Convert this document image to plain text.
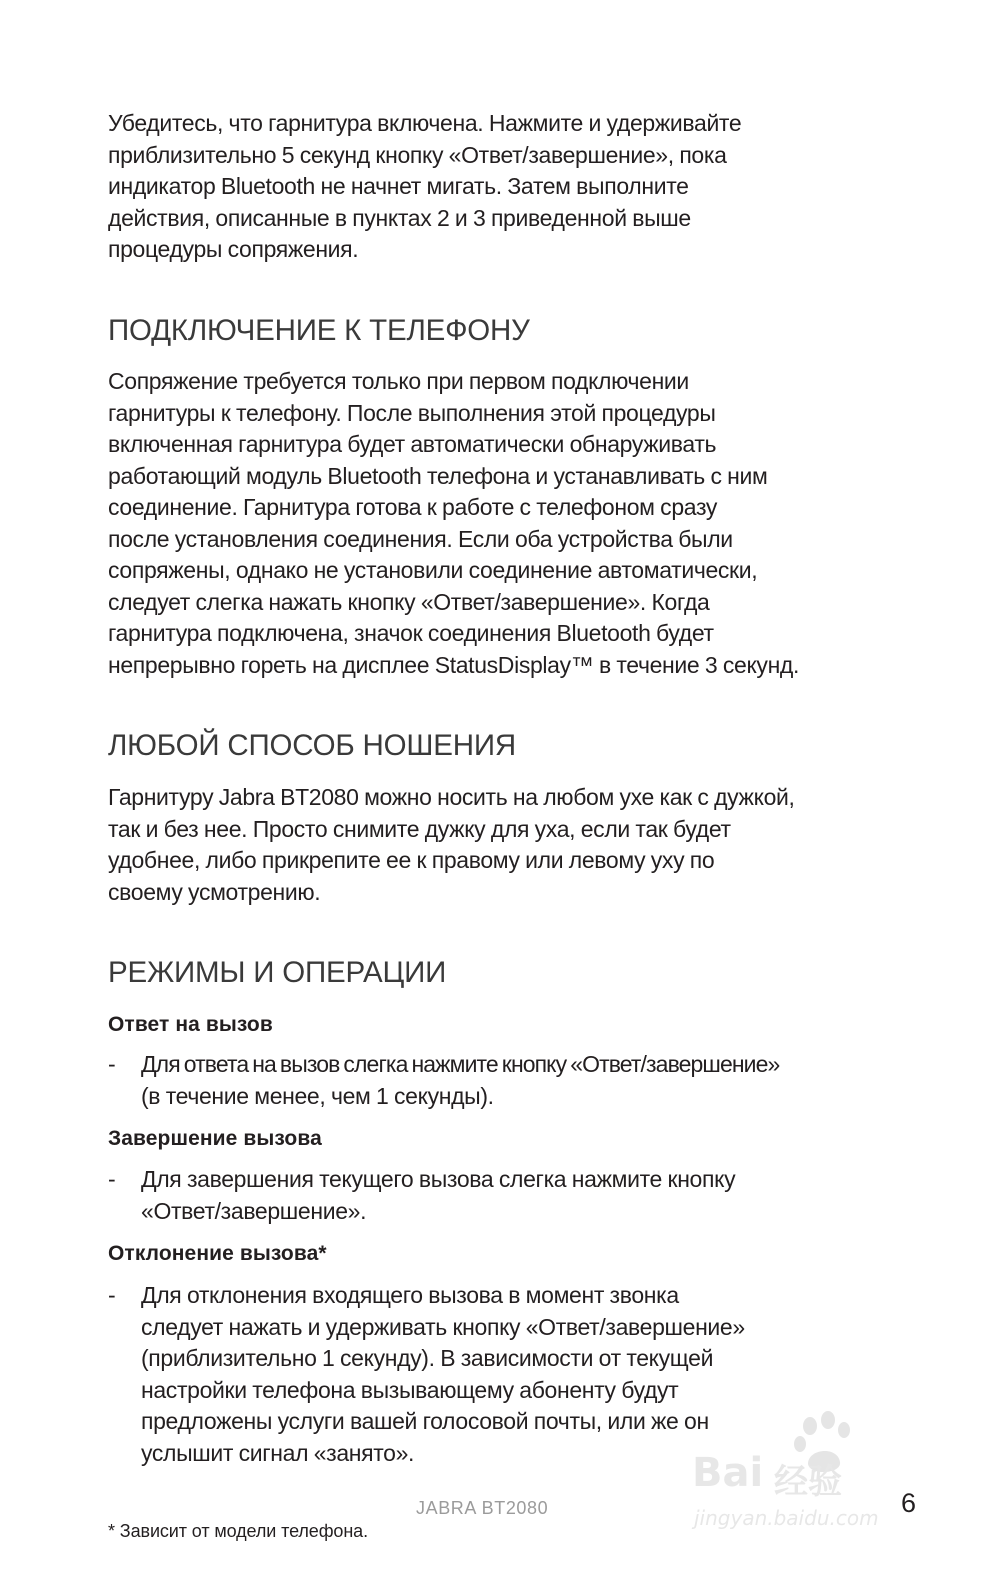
Убедитесь, что гарнитура включена. Нажмите и удерживайте
приблизительно 5 секунд кнопку «Ответ/завершение», пока
индикатор Bluetooth не начнет мигать. Затем выполните
действия, описанные в пунктах 2 и 3 приведенной выше
процедуры сопряжения.
ПОДКЛЮЧЕНИЕ К ТЕЛЕФОНУ
Сопряжение требуется только при первом подключении
гарнитуры к телефону. После выполнения этой процедуры
включенная гарнитура будет автоматически обнаруживать
работающий модуль Bluetooth телефона и устанавливать с ним
соединение. Гарнитура готова к работе с телефоном сразу
после установления соединения. Если оба устройства были
сопряжены, однако не установили соединение автоматически,
следует слегка нажать кнопку «Ответ/завершение». Когда
гарнитура подключена, значок соединения Bluetooth будет
непрерывно гореть на дисплее StatusDisplay™ в течение 3 секунд.
ЛЮБОЙ СПОСОБ НОШЕНИЯ
Гарнитуру Jabra BT2080 можно носить на любом ухе как с дужкой,
так и без нее. Просто снимите дужку для уха, если так будет
удобнее, либо прикрепите ее к правому или левому уху по
своему усмотрению.
РЕЖИМЫ И ОПЕРАЦИИ
Ответ на вызов
- Для ответа на вызов слегка нажмите кнопку «Ответ/завершение»
(в течение менее, чем 1 секунды).
Завершение вызова
- Для завершения текущего вызова слегка нажмите кнопку
«Ответ/завершение».
Отклонение вызова*
- Для отклонения входящего вызова в момент звонка
следует нажать и удерживать кнопку «Ответ/завершение»
(приблизительно 1 секунду). В зависимости от текущей
настройки телефона вызывающему абоненту будут
предложены услуги вашей голосовой почты, или же он
услышит сигнал «занято».	Bai 经验
jingyan.baidu.com
JABRA BT2080	6
* Зависит от модели телефона.
